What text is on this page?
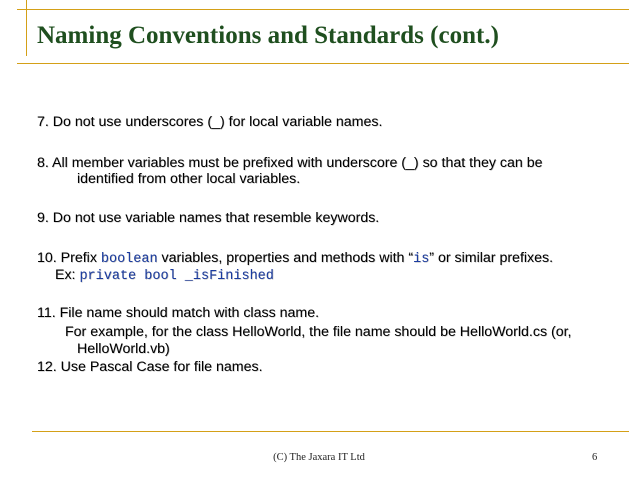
Naming Conventions and Standards (cont.)
7. Do not use underscores (_) for local variable names.
8. All member variables must be prefixed with underscore (_) so that they can be
identified from other local variables.
9. Do not use variable names that resemble keywords.
10. Prefix boolean variables, properties and methods with “is” or similar prefixes.
Ex: private bool _isFinished
11. File name should match with class name.
For example, for the class HelloWorld, the file name should be HelloWorld.cs (or,
HelloWorld.vb)
12. Use Pascal Case for file names.
(C) The Jaxara IT Ltd	6
